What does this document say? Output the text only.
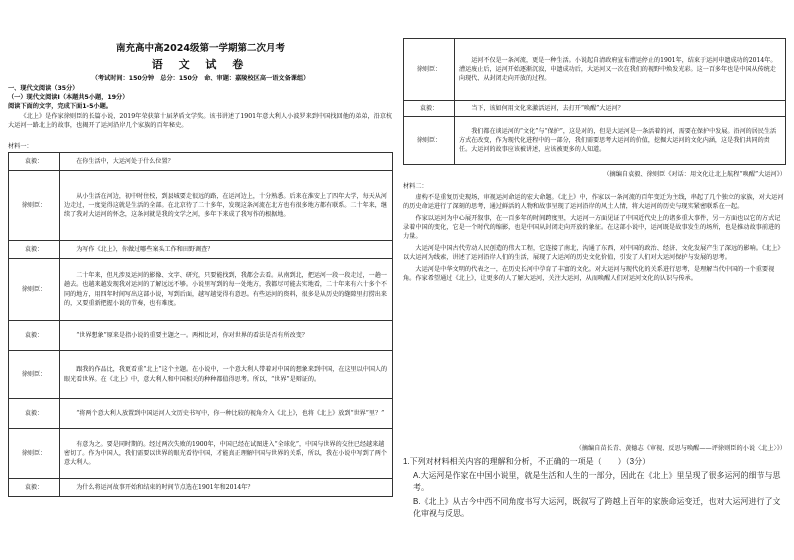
南充高中高2024级第一学期第二次月考
语 文 试 卷
（考试时间：150分钟　总分：150分　命、审题：嘉陵校区高一语文备课组）
一、现代文阅读（35分）
（一）现代文阅读Ⅰ（本题共5小题，19分）
阅读下面的文字，完成下面1-5小题。
《北上》是作家徐则臣的长篇小说，2019年荣获第十届茅盾文学奖。该书讲述了1901年意大利人小波罗来到中国找回他的弟弟，沿京杭大运河一路北上的故事，也揭开了运河沿岸几个家族的百年秘史。
材料一：
袁毅：	在你生活中，大运河处于什么位置？
徐则臣：	从小生活在河边，初中时住校，到县城要走很远的路，在运河边上，十分熟悉。后来在淮安上了四年大学，每天从河边走过，一度觉得这就是生活的全部。在北京待了二十多年，发现这条河流在北方也有很多地方都有联系。二十年来，继续了我对大运河的怀念，这条河就是我的文学之河，多年下来成了我写作的根据地。
袁毅：	为写作《北上》，你做过哪些案头工作和田野调查？
徐则臣：	二十年来，但凡涉及运河的影像、文字、研究，只要能找到，我都会去看。从南到北，把运河一段一段走过，一趟一趟去。也越来越发现我对运河的了解远远不够。小说里写到的每一处地方，我都尽可能去实地看，二十年来有六十多个不同的地方，用四年时间写出这部小说，写到后面，越写越觉得有意思。有些运河的资料，很多是从历史的缝隙里打捞出来的，又要重新把握小说的节奏，也有难度。
袁毅：	“世界想象”原来是指小说的重要主题之一。两相比对，你对世界的看法是否有所改变？
徐则臣：	跟我的作品比，我更看重“北上”这个主题。在小说中，一个意大利人带着对中国的想象来到中国，在这里以中国人的眼光看世界。在《北上》中，意大利人和中国相关的种种都值得思考。所以，“世界”是辩证的。
袁毅：	“将两个意大利人放置到中国运河人文历史书写中，你一种比较的视角介入《北上》，也将《北上》放到“世界”里？”
徐则臣：	有意为之。要是同时期的。经过两次失败的1900年，中国已经在试图进入“全球化”，中国与世界的交往已经越来越密切了。作为中国人，我们需要以世界的眼光看待中国，才能真正理解中国与世界的关系，所以，我在小说中写到了两个意大利人。
袁毅：	为什么将运河故事开始和结束的时间节点选在1901年和2014年？
徐则臣：	运河不仅是一条河流，更是一种生活。小说起自清政府宣布漕运停止的1901年，结束于运河申遗成功的2014年。漕运废止后，运河开始逐渐沉寂，申遗成功后，大运河又一次在我们的视野中焕发光彩。这一百多年也是中国从传统走向现代、从封闭走向开放的过程。
袁毅：	当下，该如何用文化来激活运河，去打开“唤醒”大运河？
徐则臣：	我们都在谈运河的“文化”与“保护”，这是对的，但是大运河是一条活着的河，需要在保护中发展。沿河的居民生活方式在改变，作为现代化进程中的一部分，我们需要思考大运河的价值，挖掘大运河的文化内涵，这是我们共同的责任。大运河的故事应该被讲述，应该被更多的人知道。
（摘编自袁毅、徐则臣《对话：用文化让北上航程“唤醒”大运河》）
材料二：
虚构不是重复历史现场，审视运河命运的宏大命题。《北上》中，作家以一条河流的百年变迁为主线，串起了几个独立的家族，对大运河的历史命运进行了深刻的思考，通过鲜活的人物和故事呈现了运河沿岸的风土人情，将大运河的历史与现实紧密联系在一起。
作家以运河为中心展开叙事，在一百多年的时间跨度里，大运河一方面见证了中国近代史上的诸多重大事件，另一方面也以它的方式记录着中国的变化，它是一个时代的缩影，也是中国从封闭走向开放的象征。在这部小说中，运河既是故事发生的场所，也是推动故事前进的力量。
大运河是中国古代劳动人民创造的伟大工程，它连接了南北，沟通了东西，对中国的政治、经济、文化发展产生了深远的影响。《北上》以大运河为线索，讲述了运河沿岸人们的生活，展现了大运河的历史文化价值，引发了人们对大运河保护与发展的思考。
大运河是中华文明的代表之一，在历史长河中孕育了丰富的文化。对大运河与现代化的关系进行思考，是理解当代中国的一个重要视角。作家希望通过《北上》，让更多的人了解大运河，关注大运河，从而唤醒人们对运河文化的认识与传承。
（摘编自苗长青、黄德志《审视、反思与唤醒——评徐则臣的小说〈北上〉》）
1.下列对材料相关内容的理解和分析，不正确的一项是（　　）（3分）
A.大运河是作家在中国小说里，就是生活和人生的一部分，因此在《北上》里呈现了很多运河的细节与思考。
B.《北上》从古今中西不同角度书写大运河，既叙写了跨越上百年的家族命运变迁，也对大运河进行了文化审视与反思。
